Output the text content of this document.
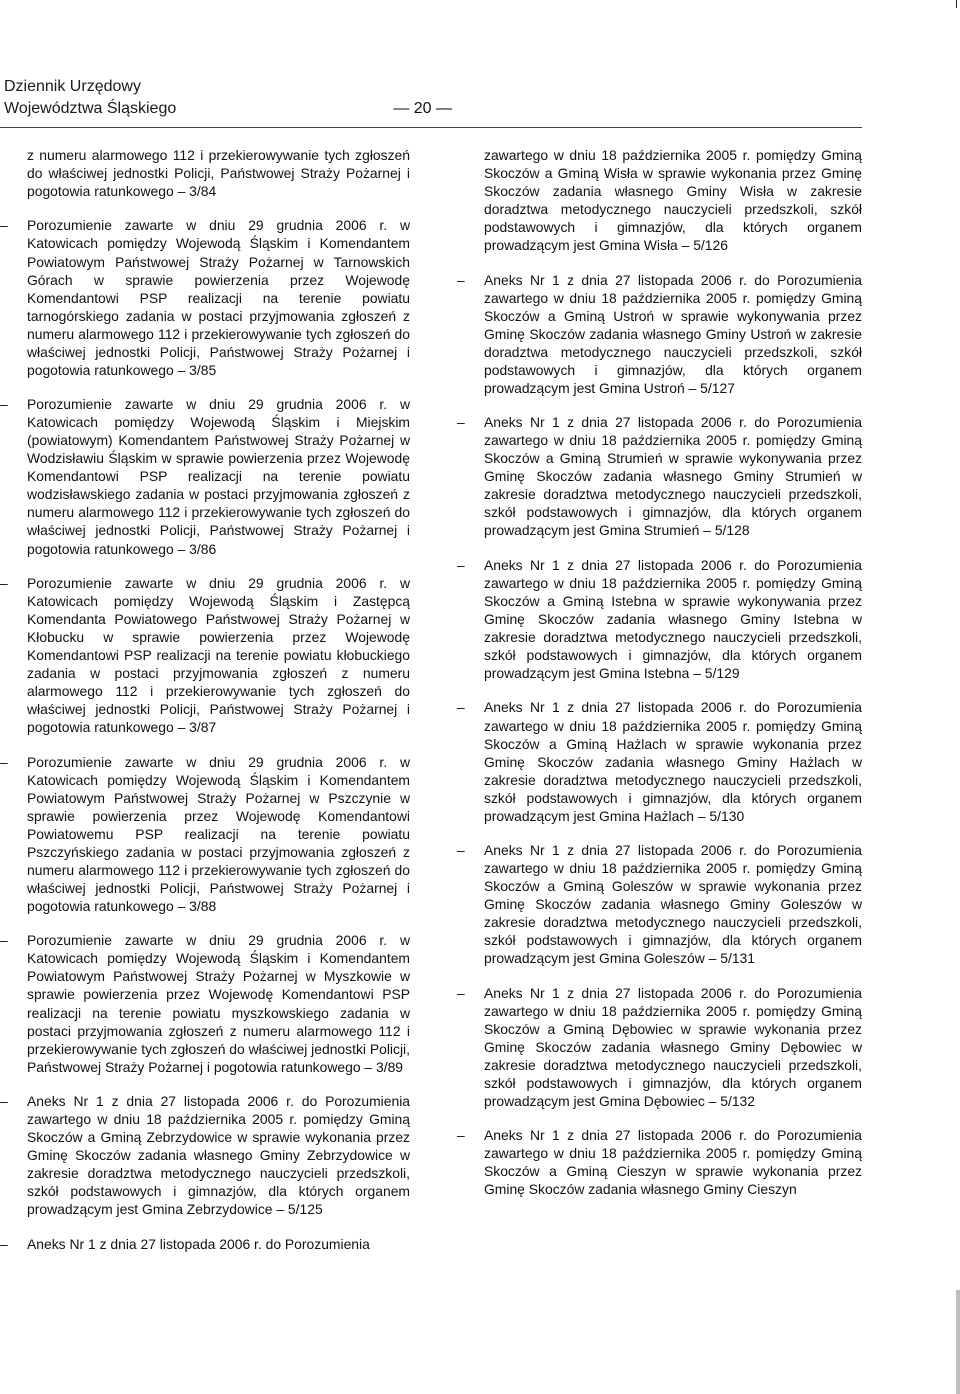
Dziennik Urzędowy
Województwa Śląskiego	— 20 —
z numeru alarmowego 112 i przekierowywanie tych zgłoszeń do właściwej jednostki Policji, Państwowej Straży Pożarnej i pogotowia ratunkowego – 3/84
–	Porozumienie zawarte w dniu 29 grudnia 2006 r. w Katowicach pomiędzy Wojewodą Śląskim i Komendantem Powiatowym Państwowej Straży Pożarnej w Tarnowskich Górach w sprawie powierzenia przez Wojewodę Komendantowi PSP realizacji na terenie powiatu tarnogórskiego zadania w postaci przyjmowania zgłoszeń z numeru alarmowego 112 i przekierowywanie tych zgłoszeń do właściwej jednostki Policji, Państwowej Straży Pożarnej i pogotowia ratunkowego – 3/85
–	Porozumienie zawarte w dniu 29 grudnia 2006 r. w Katowicach pomiędzy Wojewodą Śląskim i Miejskim (powiatowym) Komendantem Państwowej Straży Pożarnej w Wodzisławiu Śląskim w sprawie powierzenia przez Wojewodę Komendantowi PSP realizacji na terenie powiatu wodzisławskiego zadania w postaci przyjmowania zgłoszeń z numeru alarmowego 112 i przekierowywanie tych zgłoszeń do właściwej jednostki Policji, Państwowej Straży Pożarnej i pogotowia ratunkowego – 3/86
–	Porozumienie zawarte w dniu 29 grudnia 2006 r. w Katowicach pomiędzy Wojewodą Śląskim i Zastępcą Komendanta Powiatowego Państwowej Straży Pożarnej w Kłobucku w sprawie powierzenia przez Wojewodę Komendantowi PSP realizacji na terenie powiatu kłobuckiego zadania w postaci przyjmowania zgłoszeń z numeru alarmowego 112 i przekierowywanie tych zgłoszeń do właściwej jednostki Policji, Państwowej Straży Pożarnej i pogotowia ratunkowego – 3/87
–	Porozumienie zawarte w dniu 29 grudnia 2006 r. w Katowicach pomiędzy Wojewodą Śląskim i Komendantem Powiatowym Państwowej Straży Pożarnej w Pszczynie w sprawie powierzenia przez Wojewodę Komendantowi Powiatowemu PSP realizacji na terenie powiatu Pszczyńskiego zadania w postaci przyjmowania zgłoszeń z numeru alarmowego 112 i przekierowywanie tych zgłoszeń do właściwej jednostki Policji, Państwowej Straży Pożarnej i pogotowia ratunkowego – 3/88
–	Porozumienie zawarte w dniu 29 grudnia 2006 r. w Katowicach pomiędzy Wojewodą Śląskim i Komendantem Powiatowym Państwowej Straży Pożarnej w Myszkowie w sprawie powierzenia przez Wojewodę Komendantowi PSP realizacji na terenie powiatu myszkowskiego zadania w postaci przyjmowania zgłoszeń z numeru alarmowego 112 i przekierowywanie tych zgłoszeń do właściwej jednostki Policji, Państwowej Straży Pożarnej i pogotowia ratunkowego – 3/89
–	Aneks Nr 1 z dnia 27 listopada 2006 r. do Porozumienia zawartego w dniu 18 października 2005 r. pomiędzy Gminą Skoczów a Gminą Zebrzydowice w sprawie wykonania przez Gminę Skoczów zadania własnego Gminy Zebrzydowice w zakresie doradztwa metodycznego nauczycieli przedszkoli, szkół podstawowych i gimnazjów, dla których organem prowadzącym jest Gmina Zebrzydowice – 5/125
–	Aneks Nr 1 z dnia 27 listopada 2006 r. do Porozumienia
zawartego w dniu 18 października 2005 r. pomiędzy Gminą Skoczów a Gminą Wisła w sprawie wykonania przez Gminę Skoczów zadania własnego Gminy Wisła w zakresie doradztwa metodycznego nauczycieli przedszkoli, szkół podstawowych i gimnazjów, dla których organem prowadzącym jest Gmina Wisła – 5/126
–	Aneks Nr 1 z dnia 27 listopada 2006 r. do Porozumienia zawartego w dniu 18 października 2005 r. pomiędzy Gminą Skoczów a Gminą Ustroń w sprawie wykonywania przez Gminę Skoczów zadania własnego Gminy Ustroń w zakresie doradztwa metodycznego nauczycieli przedszkoli, szkół podstawowych i gimnazjów, dla których organem prowadzącym jest Gmina Ustroń – 5/127
–	Aneks Nr 1 z dnia 27 listopada 2006 r. do Porozumienia zawartego w dniu 18 października 2005 r. pomiędzy Gminą Skoczów a Gminą Strumień w sprawie wykonywania przez Gminę Skoczów zadania własnego Gminy Strumień w zakresie doradztwa metodycznego nauczycieli przedszkoli, szkół podstawowych i gimnazjów, dla których organem prowadzącym jest Gmina Strumień – 5/128
–	Aneks Nr 1 z dnia 27 listopada 2006 r. do Porozumienia zawartego w dniu 18 października 2005 r. pomiędzy Gminą Skoczów a Gminą Istebna w sprawie wykonywania przez Gminę Skoczów zadania własnego Gminy Istebna w zakresie doradztwa metodycznego nauczycieli przedszkoli, szkół podstawowych i gimnazjów, dla których organem prowadzącym jest Gmina Istebna – 5/129
–	Aneks Nr 1 z dnia 27 listopada 2006 r. do Porozumienia zawartego w dniu 18 października 2005 r. pomiędzy Gminą Skoczów a Gminą Hażlach w sprawie wykonania przez Gminę Skoczów zadania własnego Gminy Hażlach w zakresie doradztwa metodycznego nauczycieli przedszkoli, szkół podstawowych i gimnazjów, dla których organem prowadzącym jest Gmina Hażlach – 5/130
–	Aneks Nr 1 z dnia 27 listopada 2006 r. do Porozumienia zawartego w dniu 18 października 2005 r. pomiędzy Gminą Skoczów a Gminą Goleszów w sprawie wykonania przez Gminę Skoczów zadania własnego Gminy Goleszów w zakresie doradztwa metodycznego nauczycieli przedszkoli, szkół podstawowych i gimnazjów, dla których organem prowadzącym jest Gmina Goleszów – 5/131
–	Aneks Nr 1 z dnia 27 listopada 2006 r. do Porozumienia zawartego w dniu 18 października 2005 r. pomiędzy Gminą Skoczów a Gminą Dębowiec w sprawie wykonania przez Gminę Skoczów zadania własnego Gminy Dębowiec w zakresie doradztwa metodycznego nauczycieli przedszkoli, szkół podstawowych i gimnazjów, dla których organem prowadzącym jest Gmina Dębowiec – 5/132
–	Aneks Nr 1 z dnia 27 listopada 2006 r. do Porozumienia zawartego w dniu 18 października 2005 r. pomiędzy Gminą Skoczów a Gminą Cieszyn w sprawie wykonania przez Gminę Skoczów zadania własnego Gminy Cieszyn
